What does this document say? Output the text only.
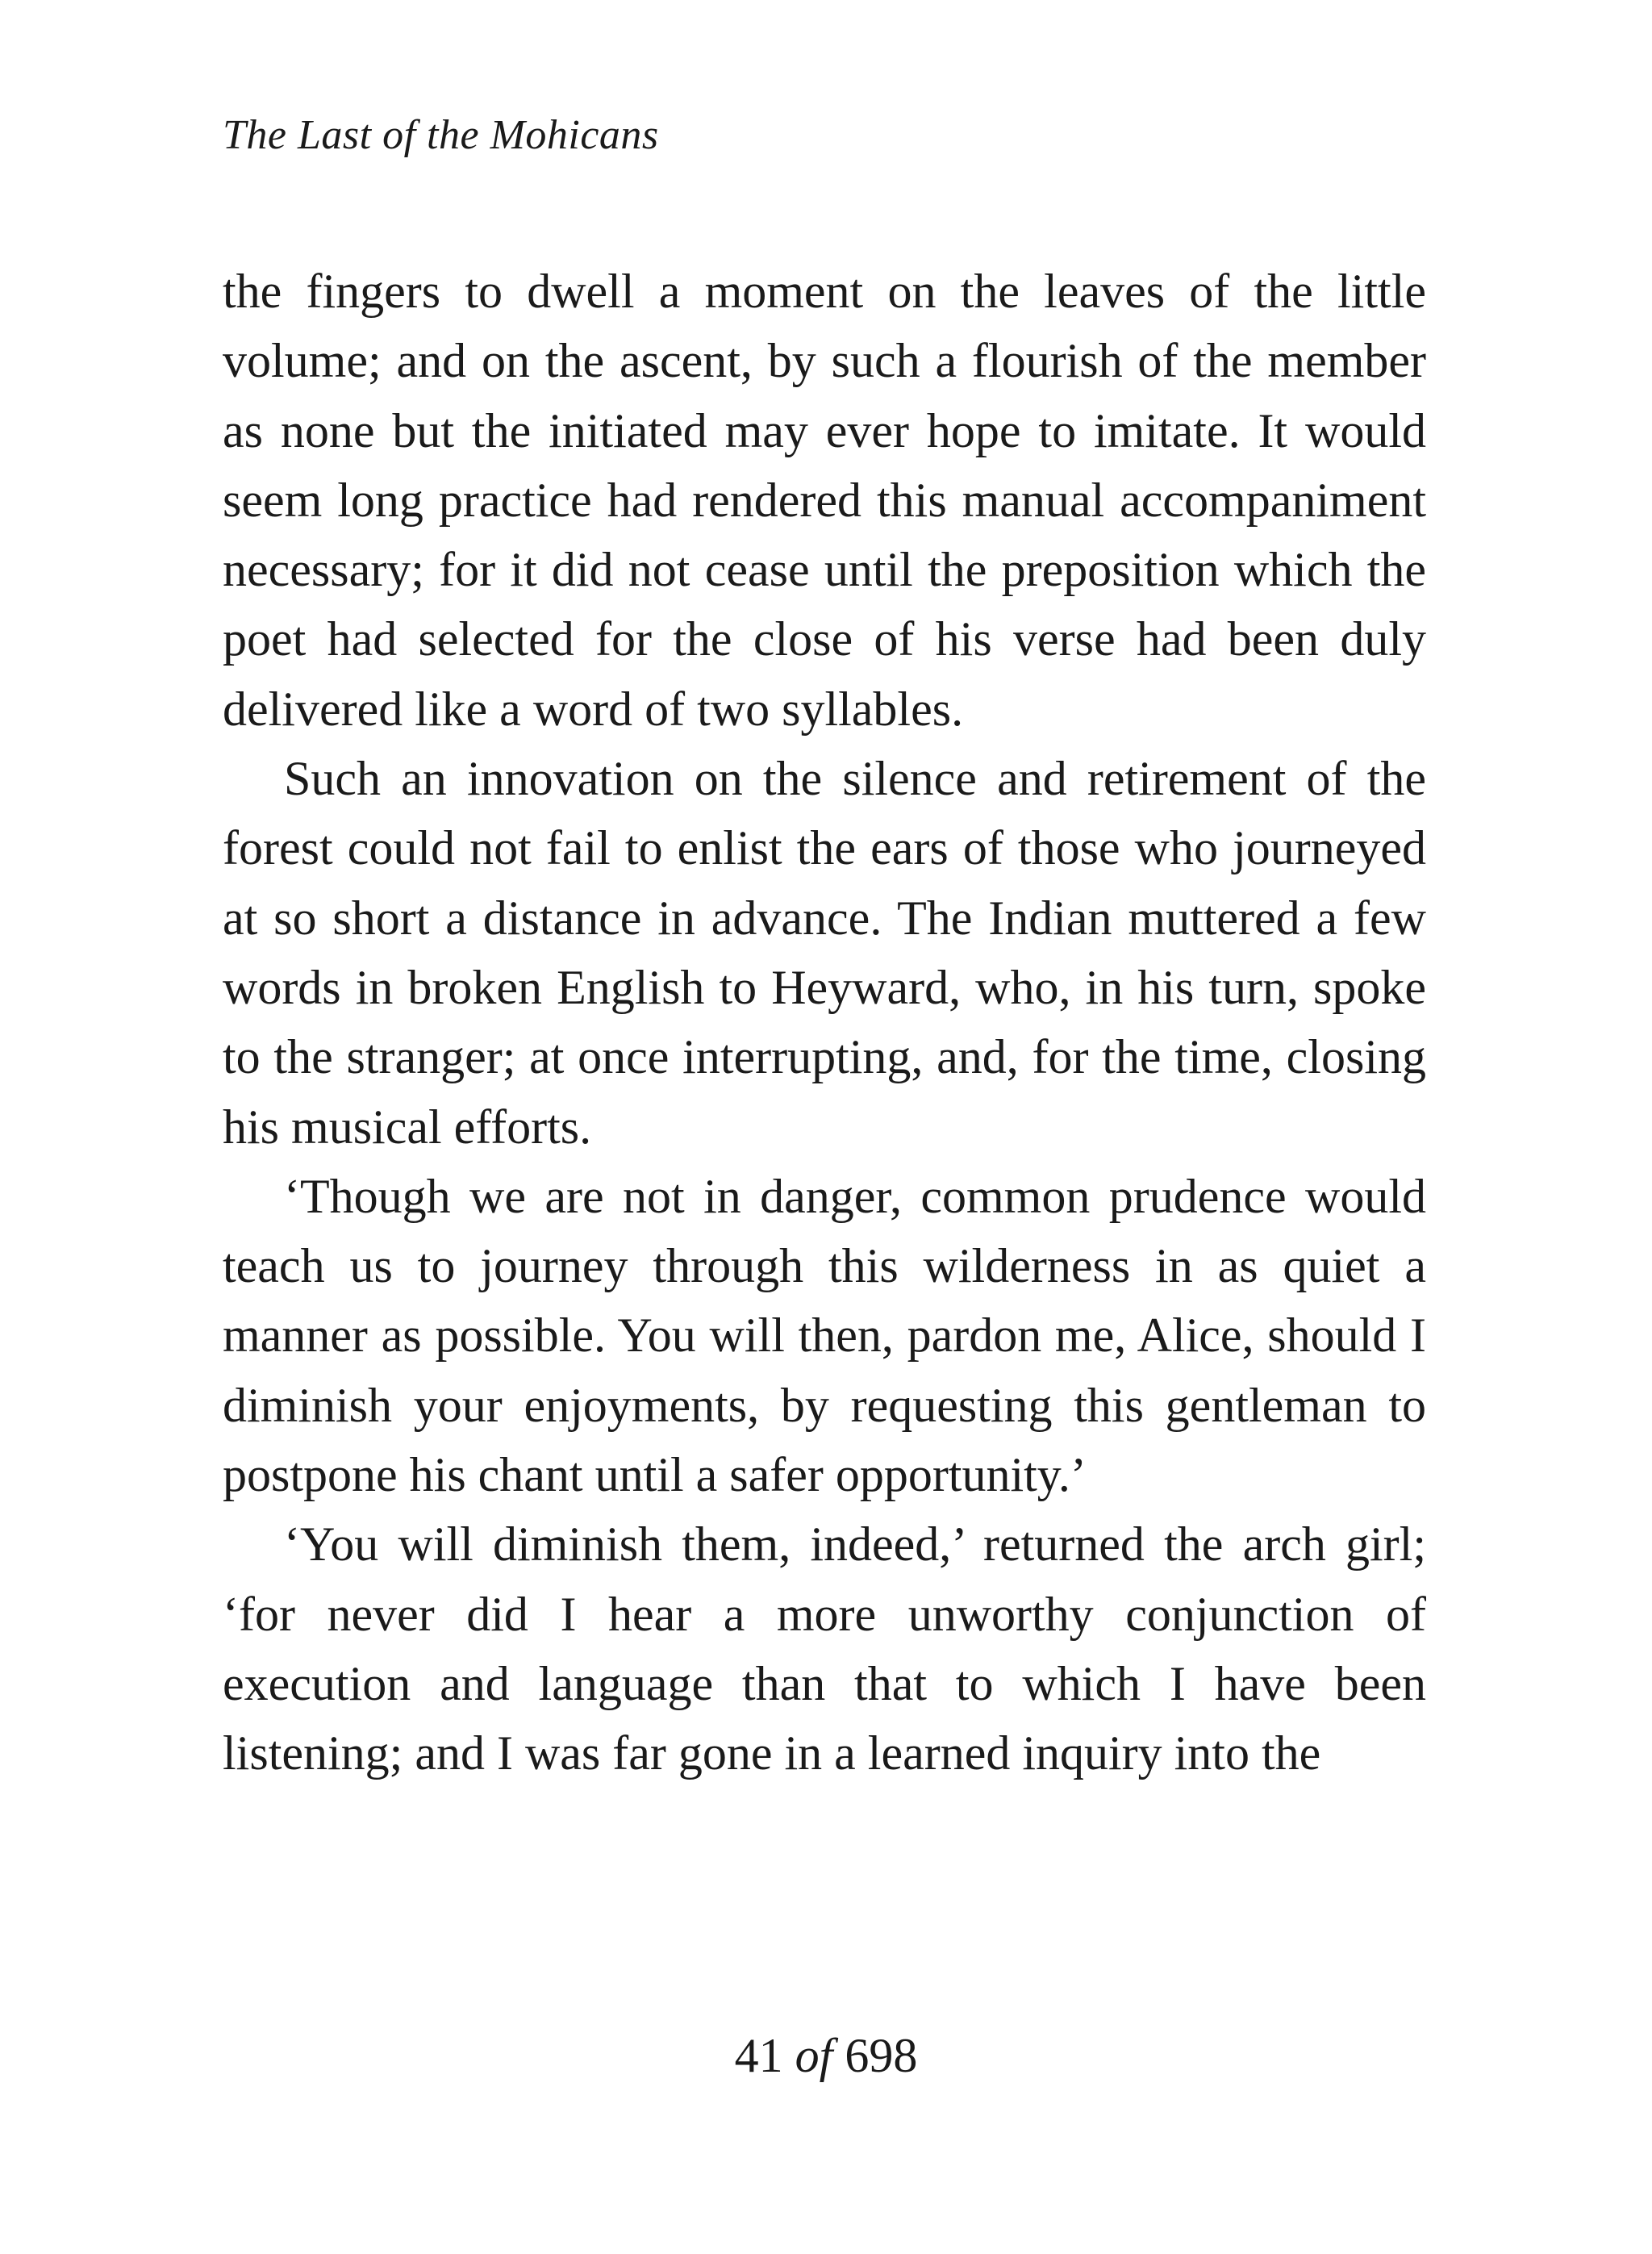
The Last of the Mohicans

the fingers to dwell a moment on the leaves of the little volume; and on the ascent, by such a flourish of the member as none but the initiated may ever hope to imitate. It would seem long practice had rendered this manual accompaniment necessary; for it did not cease until the preposition which the poet had selected for the close of his verse had been duly delivered like a word of two syllables.

Such an innovation on the silence and retirement of the forest could not fail to enlist the ears of those who journeyed at so short a distance in advance. The Indian muttered a few words in broken English to Heyward, who, in his turn, spoke to the stranger; at once interrupting, and, for the time, closing his musical efforts.

‘Though we are not in danger, common prudence would teach us to journey through this wilderness in as quiet a manner as possible. You will then, pardon me, Alice, should I diminish your enjoyments, by requesting this gentleman to postpone his chant until a safer opportunity.’

‘You will diminish them, indeed,’ returned the arch girl; ‘for never did I hear a more unworthy conjunction of execution and language than that to which I have been listening; and I was far gone in a learned inquiry into the

41 of 698
